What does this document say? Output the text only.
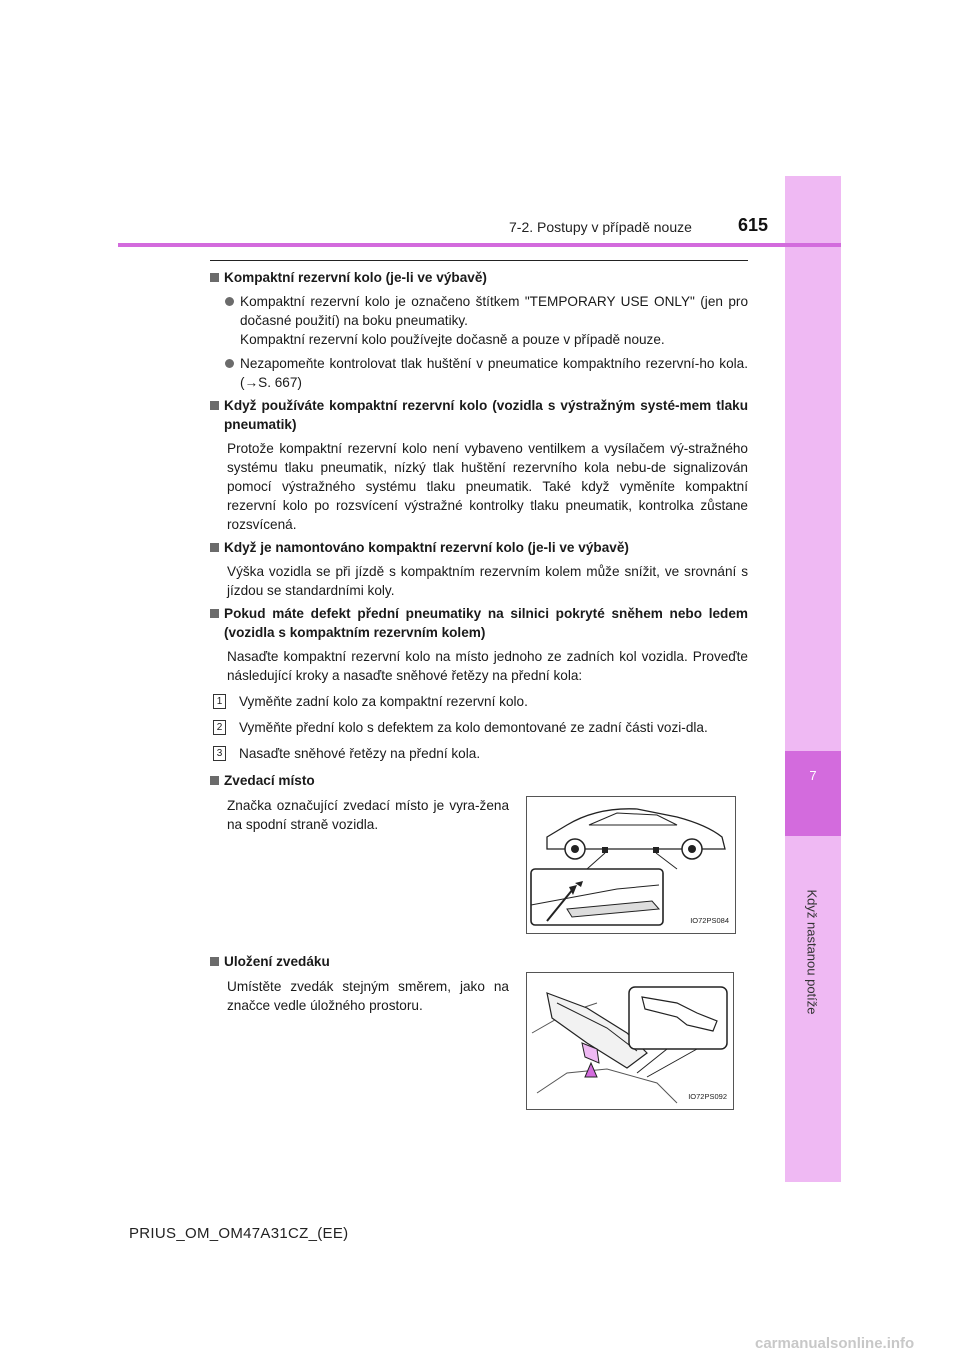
7
Když nastanou potíže
7-2. Postupy v případě nouze	615
Kompaktní rezervní kolo (je-li ve výbavě)
Kompaktní rezervní kolo je označeno štítkem "TEMPORARY USE ONLY" (jen pro dočasné použití) na boku pneumatiky.
Kompaktní rezervní kolo používejte dočasně a pouze v případě nouze.
Nezapomeňte kontrolovat tlak huštění v pneumatice kompaktního rezervní-ho kola. (→S. 667)
Když používáte kompaktní rezervní kolo (vozidla s výstražným systé-mem tlaku pneumatik)
Protože kompaktní rezervní kolo není vybaveno ventilkem a vysílačem vý-stražného systému tlaku pneumatik, nízký tlak huštění rezervního kola nebu-de signalizován pomocí výstražného systému tlaku pneumatik. Také když vyměníte kompaktní rezervní kolo po rozsvícení výstražné kontrolky tlaku pneumatik, kontrolka zůstane rozsvícená.
Když je namontováno kompaktní rezervní kolo (je-li ve výbavě)
Výška vozidla se při jízdě s kompaktním rezervním kolem může snížit, ve srovnání s jízdou se standardními koly.
Pokud máte defekt přední pneumatiky na silnici pokryté sněhem nebo ledem (vozidla s kompaktním rezervním kolem)
Nasaďte kompaktní rezervní kolo na místo jednoho ze zadních kol vozidla. Proveďte následující kroky a nasaďte sněhové řetězy na přední kola:
1 Vyměňte zadní kolo za kompaktní rezervní kolo.
2 Vyměňte přední kolo s defektem za kolo demontované ze zadní části vozi-dla.
3 Nasaďte sněhové řetězy na přední kola.
Zvedací místo
Značka označující zvedací místo je vyra-žena na spodní straně vozidla.
IO72PS084
Uložení zvedáku
Umístěte zvedák stejným směrem, jako na značce vedle úložného prostoru.
IO72PS092
PRIUS_OM_OM47A31CZ_(EE)
carmanualsonline.info
